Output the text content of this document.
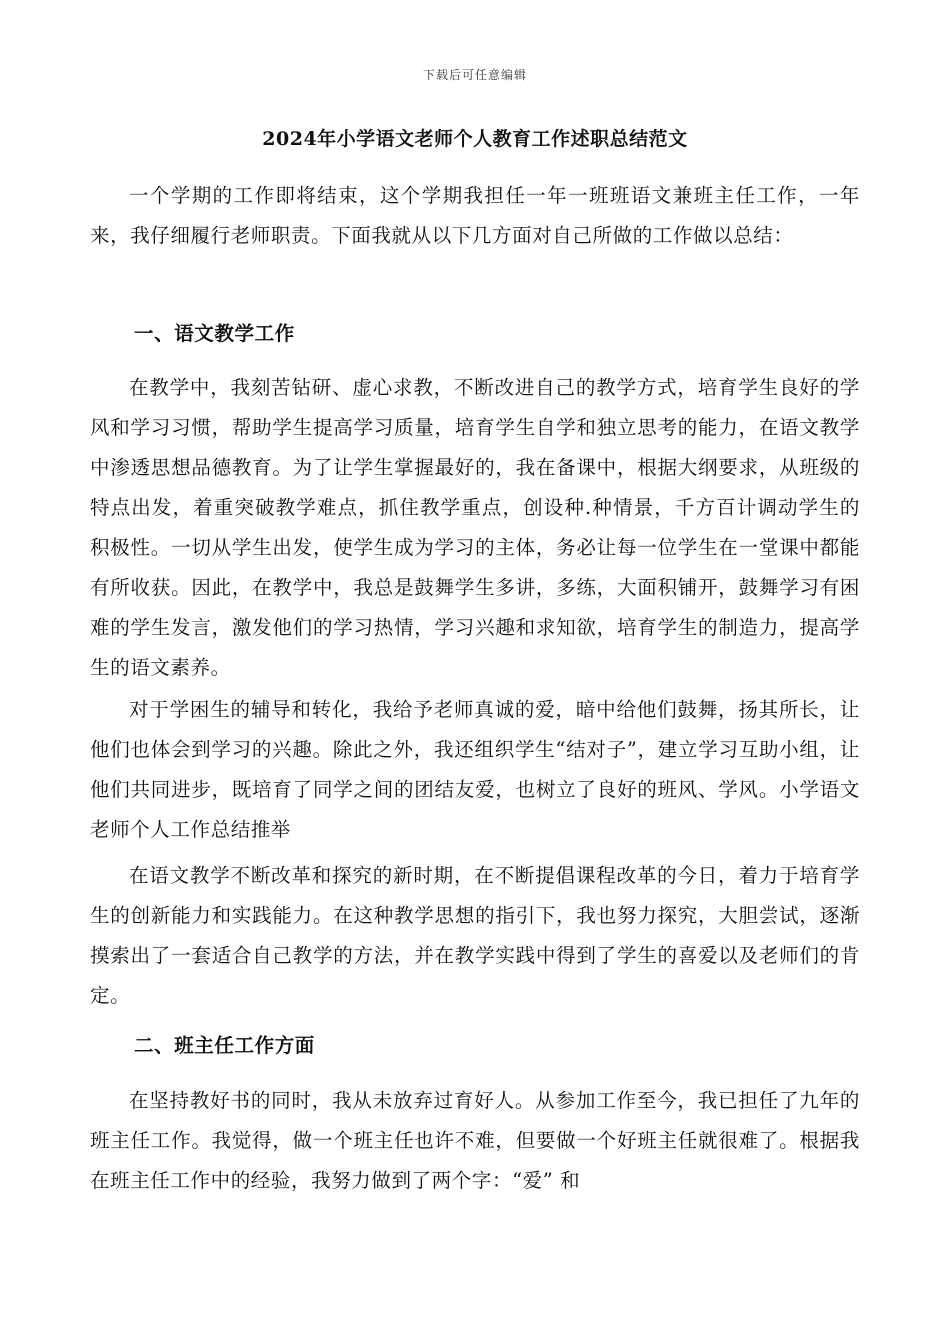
下载后可任意编辑
2024年小学语文老师个人教育工作述职总结范文

一个学期的工作即将结束，这个学期我担任一年一班班语文兼班主任工作，一年来，我仔细履行老师职责。下面我就从以下几方面对自己所做的工作做以总结：

一、语文教学工作

在教学中，我刻苦钻研、虚心求教，不断改进自己的教学方式，培育学生良好的学风和学习习惯，帮助学生提高学习质量，培育学生自学和独立思考的能力，在语文教学中渗透思想品德教育。为了让学生掌握最好的，我在备课中，根据大纲要求，从班级的特点出发，着重突破教学难点，抓住教学重点，创设种.种情景，千方百计调动学生的积极性。一切从学生出发，使学生成为学习的主体，务必让每一位学生在一堂课中都能有所收获。因此，在教学中，我总是鼓舞学生多讲，多练，大面积铺开，鼓舞学习有困难的学生发言，激发他们的学习热情，学习兴趣和求知欲，培育学生的制造力，提高学生的语文素养。

对于学困生的辅导和转化，我给予老师真诚的爱，暗中给他们鼓舞，扬其所长，让他们也体会到学习的兴趣。除此之外，我还组织学生“结对子”，建立学习互助小组，让他们共同进步，既培育了同学之间的团结友爱，也树立了良好的班风、学风。小学语文老师个人工作总结推举

在语文教学不断改革和探究的新时期，在不断提倡课程改革的今日，着力于培育学生的创新能力和实践能力。在这种教学思想的指引下，我也努力探究，大胆尝试，逐渐摸索出了一套适合自己教学的方法，并在教学实践中得到了学生的喜爱以及老师们的肯定。

二、班主任工作方面

在坚持教好书的同时，我从未放弃过育好人。从参加工作至今，我已担任了九年的班主任工作。我觉得，做一个班主任也许不难，但要做一个好班主任就很难了。根据我在班主任工作中的经验，我努力做到了两个字：“爱” 和
